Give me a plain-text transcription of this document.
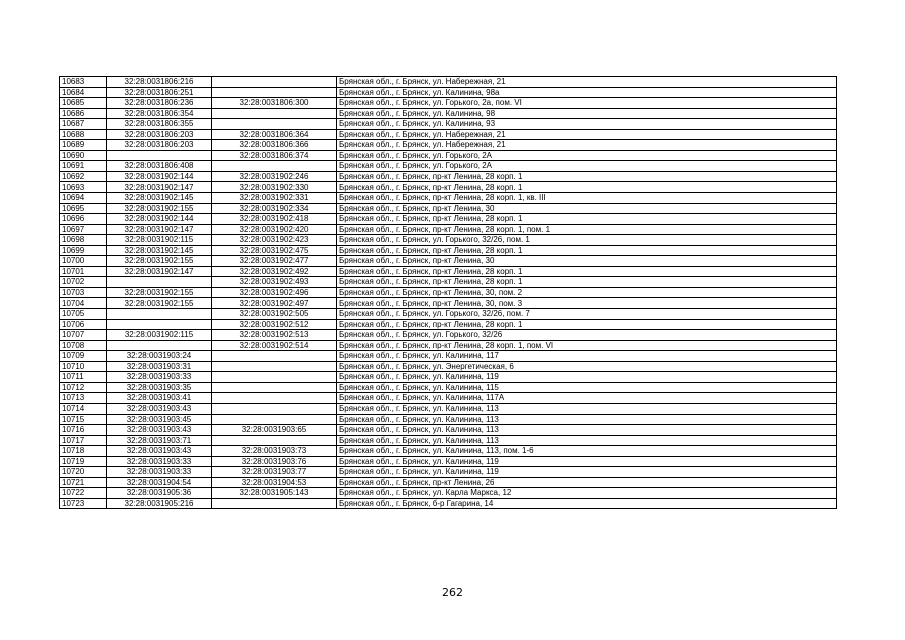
10683	32:28:0031806:216		Брянская обл., г. Брянск, ул. Набережная, 21
10684	32:28:0031806:251		Брянская обл., г. Брянск, ул. Калинина, 98а
10685	32:28:0031806:236	32:28:0031806:300	Брянская обл., г. Брянск, ул. Горького, 2а, пом. VI
10686	32:28:0031806:354		Брянская обл., г. Брянск, ул. Калинина, 98
10687	32:28:0031806:355		Брянская обл., г. Брянск, ул. Калинина, 93
10688	32:28:0031806:203	32:28:0031806:364	Брянская обл., г. Брянск, ул. Набережная, 21
10689	32:28:0031806:203	32:28:0031806:366	Брянская обл., г. Брянск, ул. Набережная, 21
10690		32:28:0031806:374	Брянская обл., г. Брянск, ул. Горького, 2А
10691	32:28:0031806:408		Брянская обл., г. Брянск, ул. Горького, 2А
10692	32:28:0031902:144	32:28:0031902:246	Брянская обл., г. Брянск, пр-кт Ленина, 28 корп. 1
10693	32:28:0031902:147	32:28:0031902:330	Брянская обл., г. Брянск, пр-кт Ленина, 28 корп. 1
10694	32:28:0031902:145	32:28:0031902:331	Брянская обл., г. Брянск, пр-кт Ленина, 28 корп. 1, кв. III
10695	32:28:0031902:155	32:28:0031902:334	Брянская обл., г. Брянск, пр-кт Ленина, 30
10696	32:28:0031902:144	32:28:0031902:418	Брянская обл., г. Брянск, пр-кт Ленина, 28 корп. 1
10697	32:28:0031902:147	32:28:0031902:420	Брянская обл., г. Брянск, пр-кт Ленина, 28 корп. 1, пом. 1
10698	32:28:0031902:115	32:28:0031902:423	Брянская обл., г. Брянск, ул. Горького, 32/26, пом. 1
10699	32:28:0031902:145	32:28:0031902:475	Брянская обл., г. Брянск, пр-кт Ленина, 28 корп. 1
10700	32:28:0031902:155	32:28:0031902:477	Брянская обл., г. Брянск, пр-кт Ленина, 30
10701	32:28:0031902:147	32:28:0031902:492	Брянская обл., г. Брянск, пр-кт Ленина, 28 корп. 1
10702		32:28:0031902:493	Брянская обл., г. Брянск, пр-кт Ленина, 28 корп. 1
10703	32:28:0031902:155	32:28:0031902:496	Брянская обл., г. Брянск, пр-кт Ленина, 30, пом. 2
10704	32:28:0031902:155	32:28:0031902:497	Брянская обл., г. Брянск, пр-кт Ленина, 30, пом. 3
10705		32:28:0031902:505	Брянская обл., г. Брянск, ул. Горького, 32/26, пом. 7
10706		32:28:0031902:512	Брянская обл., г. Брянск, пр-кт Ленина, 28 корп. 1
10707	32:28:0031902:115	32:28:0031902:513	Брянская обл., г. Брянск, ул. Горького, 32/26
10708		32:28:0031902:514	Брянская обл., г. Брянск, пр-кт Ленина, 28 корп. 1, пом. VI
10709	32:28:0031903:24		Брянская обл., г. Брянск, ул. Калинина, 117
10710	32:28:0031903:31		Брянская обл., г. Брянск, ул. Энергетическая, 6
10711	32:28:0031903:33		Брянская обл., г. Брянск, ул. Калинина, 119
10712	32:28:0031903:35		Брянская обл., г. Брянск, ул. Калинина, 115
10713	32:28:0031903:41		Брянская обл., г. Брянск, ул. Калинина, 117А
10714	32:28:0031903:43		Брянская обл., г. Брянск, ул. Калинина, 113
10715	32:28:0031903:45		Брянская обл., г. Брянск, ул. Калинина, 113
10716	32:28:0031903:43	32:28:0031903:65	Брянская обл., г. Брянск, ул. Калинина, 113
10717	32:28:0031903:71		Брянская обл., г. Брянск, ул. Калинина, 113
10718	32:28:0031903:43	32:28:0031903:73	Брянская обл., г. Брянск, ул. Калинина, 113, пом. 1-6
10719	32:28:0031903:33	32:28:0031903:76	Брянская обл., г. Брянск, ул. Калинина, 119
10720	32:28:0031903:33	32:28:0031903:77	Брянская обл., г. Брянск, ул. Калинина, 119
10721	32:28:0031904:54	32:28:0031904:53	Брянская обл., г. Брянск, пр-кт Ленина, 26
10722	32:28:0031905:36	32:28:0031905:143	Брянская обл., г. Брянск, ул. Карла Маркса, 12
10723	32:28:0031905:216		Брянская обл., г. Брянск, б-р Гагарина, 14
262
